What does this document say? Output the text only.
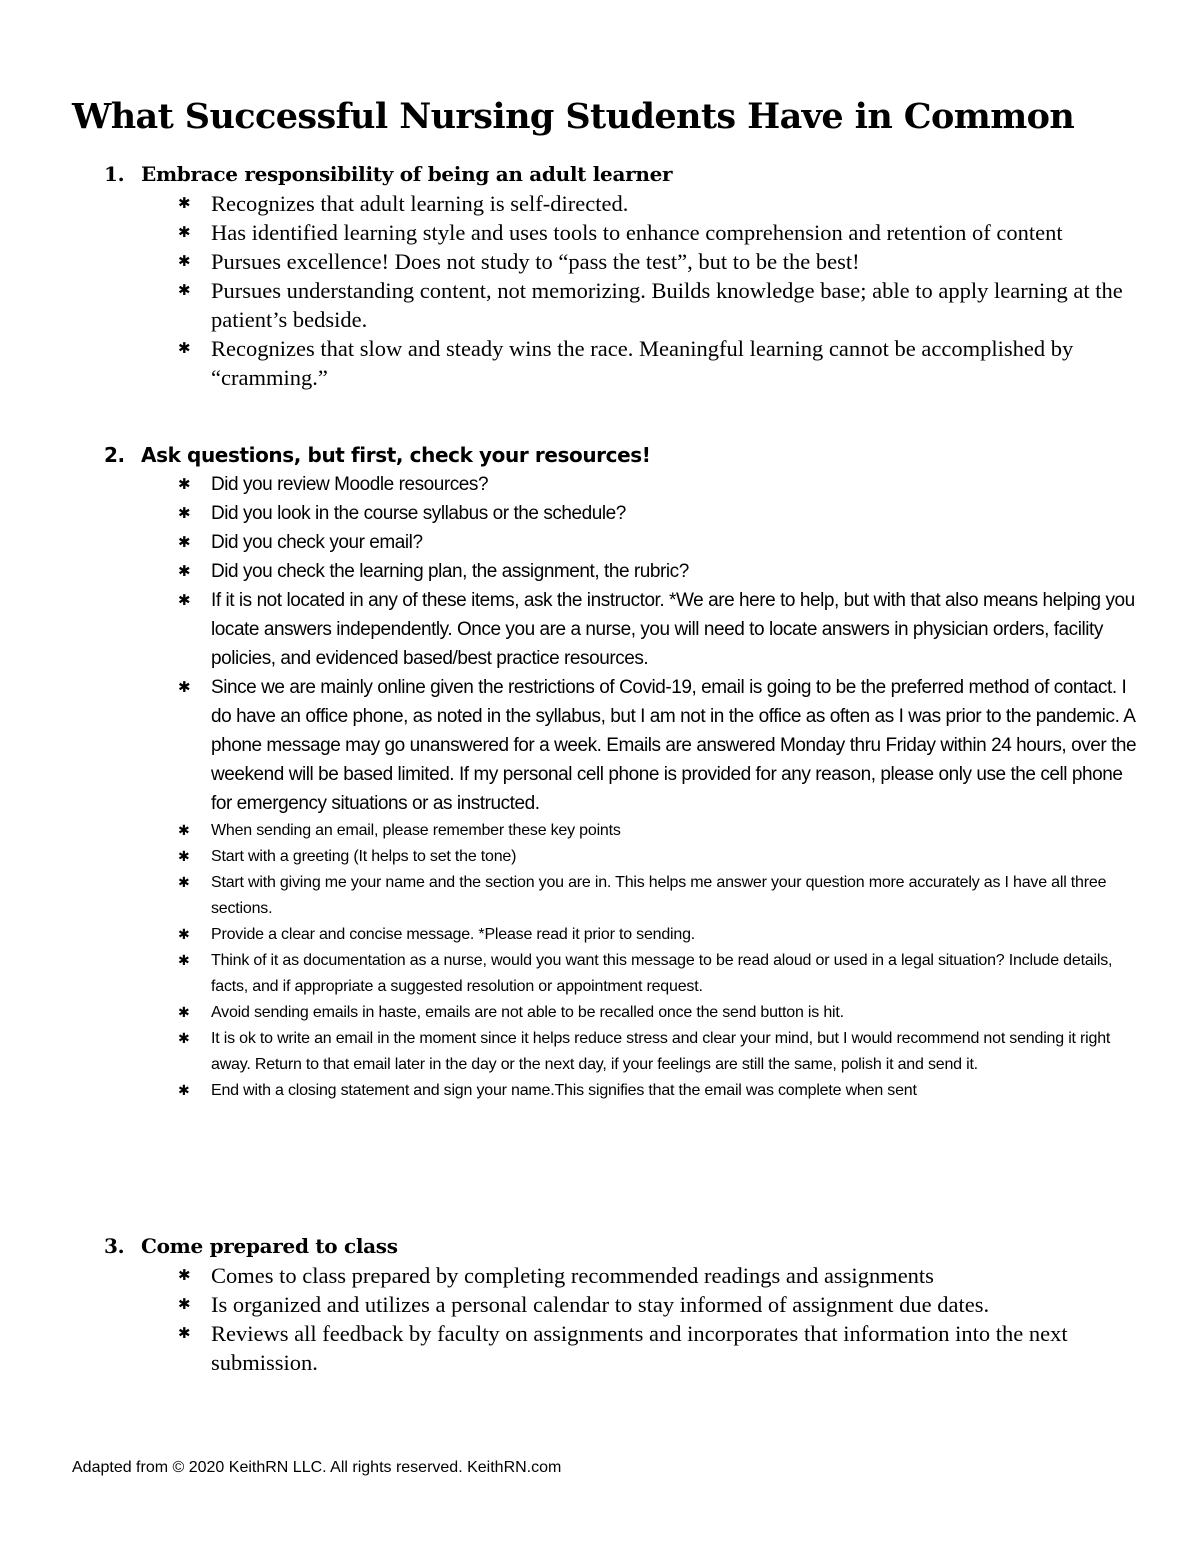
What Successful Nursing Students Have in Common
1. Embrace responsibility of being an adult learner
✱ Recognizes that adult learning is self-directed.
✱ Has identified learning style and uses tools to enhance comprehension and retention of content
✱ Pursues excellence! Does not study to “pass the test”, but to be the best!
✱ Pursues understanding content, not memorizing. Builds knowledge base; able to apply learning at the patient’s bedside.
✱ Recognizes that slow and steady wins the race. Meaningful learning cannot be accomplished by “cramming.”
2. Ask questions, but first, check your resources!
✱ Did you review Moodle resources?
✱ Did you look in the course syllabus or the schedule?
✱ Did you check your email?
✱ Did you check the learning plan, the assignment, the rubric?
✱ If it is not located in any of these items, ask the instructor. *We are here to help, but with that also means helping you locate answers independently. Once you are a nurse, you will need to locate answers in physician orders, facility policies, and evidenced based/best practice resources.
✱ Since we are mainly online given the restrictions of Covid-19, email is going to be the preferred method of contact. I do have an office phone, as noted in the syllabus, but I am not in the office as often as I was prior to the pandemic. A phone message may go unanswered for a week. Emails are answered Monday thru Friday within 24 hours, over the weekend will be based limited. If my personal cell phone is provided for any reason, please only use the cell phone for emergency situations or as instructed.
✱ When sending an email, please remember these key points
✱ Start with a greeting (It helps to set the tone)
✱ Start with giving me your name and the section you are in. This helps me answer your question more accurately as I have all three sections.
✱ Provide a clear and concise message. *Please read it prior to sending.
✱ Think of it as documentation as a nurse, would you want this message to be read aloud or used in a legal situation? Include details, facts, and if appropriate a suggested resolution or appointment request.
✱ Avoid sending emails in haste, emails are not able to be recalled once the send button is hit.
✱ It is ok to write an email in the moment since it helps reduce stress and clear your mind, but I would recommend not sending it right away. Return to that email later in the day or the next day, if your feelings are still the same, polish it and send it.
✱ End with a closing statement and sign your name.This signifies that the email was complete when sent
3. Come prepared to class
✱ Comes to class prepared by completing recommended readings and assignments
✱ Is organized and utilizes a personal calendar to stay informed of assignment due dates.
✱ Reviews all feedback by faculty on assignments and incorporates that information into the next submission.
Adapted from © 2020 KeithRN LLC. All rights reserved. KeithRN.com
